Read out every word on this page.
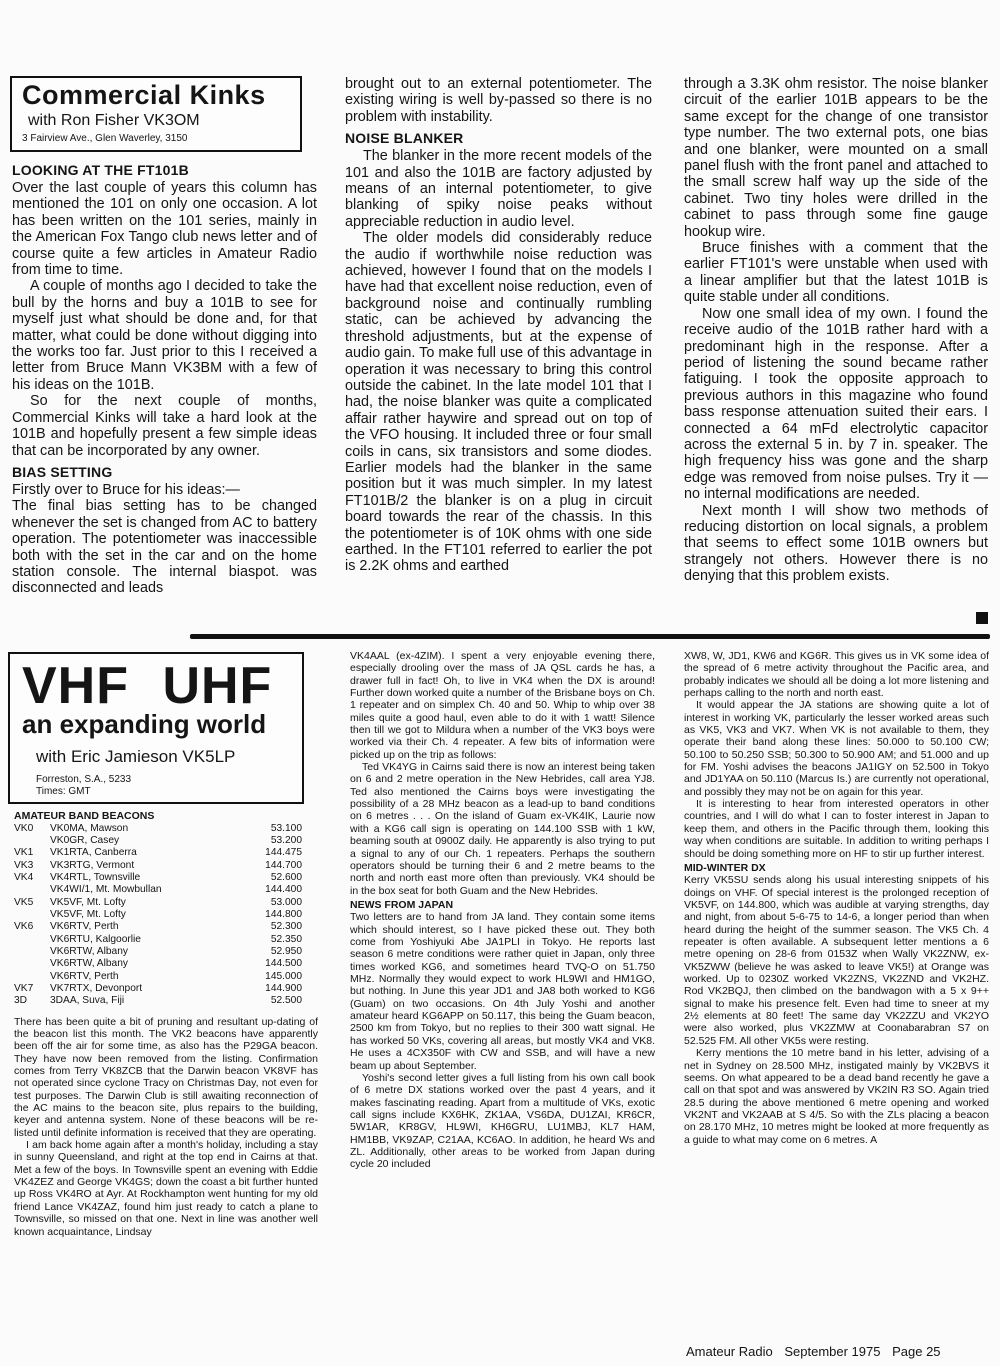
Commercial Kinks
with Ron Fisher VK3OM
3 Fairview Ave., Glen Waverley, 3150
LOOKING AT THE FT101B

Over the last couple of years this column has mentioned the 101 on only one occasion. A lot has been written on the 101 series, mainly in the American Fox Tango club news letter and of course quite a few articles in Amateur Radio from time to time.

A couple of months ago I decided to take the bull by the horns and buy a 101B to see for myself just what should be done and, for that matter, what could be done without digging into the works too far. Just prior to this I received a letter from Bruce Mann VK3BM with a few of his ideas on the 101B.

So for the next couple of months, Commercial Kinks will take a hard look at the 101B and hopefully present a few simple ideas that can be incorporated by any owner.

BIAS SETTING

Firstly over to Bruce for his ideas:—

The final bias setting has to be changed whenever the set is changed from AC to battery operation. The potentiometer was inaccessible both with the set in the car and on the home station console. The internal biaspot. was disconnected and leads

brought out to an external potentiometer. The existing wiring is well by-passed so there is no problem with instability.

NOISE BLANKER

The blanker in the more recent models of the 101 and also the 101B are factory adjusted by means of an internal potentiometer, to give blanking of spiky noise peaks without appreciable reduction in audio level.

The older models did considerably reduce the audio if worthwhile noise reduction was achieved, however I found that on the models I have had that excellent noise reduction, even of background noise and continually rumbling static, can be achieved by advancing the threshold adjustments, but at the expense of audio gain. To make full use of this advantage in operation it was necessary to bring this control outside the cabinet. In the late model 101 that I had, the noise blanker was quite a complicated affair rather haywire and spread out on top of the VFO housing. It included three or four small coils in cans, six transistors and some diodes. Earlier models had the blanker in the same position but it was much simpler. In my latest FT101B/2 the blanker is on a plug in circuit board towards the rear of the chassis. In this the potentiometer is of 10K ohms with one side earthed. In the FT101 referred to earlier the pot is 2.2K ohms and earthed

through a 3.3K ohm resistor. The noise blanker circuit of the earlier 101B appears to be the same except for the change of one transistor type number. The two external pots, one bias and one blanker, were mounted on a small panel flush with the front panel and attached to the small screw half way up the side of the cabinet. Two tiny holes were drilled in the cabinet to pass through some fine gauge hookup wire.

Bruce finishes with a comment that the earlier FT101's were unstable when used with a linear amplifier but that the latest 101B is quite stable under all conditions.

Now one small idea of my own. I found the receive audio of the 101B rather hard with a predominant high in the response. After a period of listening the sound became rather fatiguing. I took the opposite approach to previous authors in this magazine who found bass response attenuation suited their ears. I connected a 64 mFd electrolytic capacitor across the external 5 in. by 7 in. speaker. The high frequency hiss was gone and the sharp edge was removed from noise pulses. Try it — no internal modifications are needed.

Next month I will show two methods of reducing distortion on local signals, a problem that seems to effect some 101B owners but strangely not others. However there is no denying that this problem exists.

VHF UHF
an expanding world
with Eric Jamieson VK5LP
Forreston, S.A., 5233
Times: GMT
AMATEUR BAND BEACONS
VK0	VK0MA, Mawson	53.100
	VK0GR, Casey	53.200
VK1	VK1RTA, Canberra	144.475
VK3	VK3RTG, Vermont	144.700
VK4	VK4RTL, Townsville	52.600
	VK4WI/1, Mt. Mowbullan	144.400
VK5	VK5VF, Mt. Lofty	53.000
	VK5VF, Mt. Lofty	144.800
VK6	VK6RTV, Perth	52.300
	VK6RTU, Kalgoorlie	52.350
	VK6RTW, Albany	52.950
	VK6RTW, Albany	144.500
	VK6RTV, Perth	145.000
VK7	VK7RTX, Devonport	144.900
3D	3DAA, Suva, Fiji	52.500

There has been quite a bit of pruning and resultant up-dating of the beacon list this month. The VK2 beacons have apparently been off the air for some time, as also has the P29GA beacon. They have now been removed from the listing. Confirmation comes from Terry VK8ZCB that the Darwin beacon VK8VF has not operated since cyclone Tracy on Christmas Day, not even for test purposes. The Darwin Club is still awaiting reconnection of the AC mains to the beacon site, plus repairs to the building, keyer and antenna system. None of these beacons will be re-listed until definite information is received that they are operating.

I am back home again after a month's holiday, including a stay in sunny Queensland, and right at the top end in Cairns at that. Met a few of the boys. In Townsville spent an evening with Eddie VK4ZEZ and George VK4GS; down the coast a bit further hunted up Ross VK4RO at Ayr. At Rockhampton went hunting for my old friend Lance VK4ZAZ, found him just ready to catch a plane to Townsville, so missed on that one. Next in line was another well known acquaintance, Lindsay

VK4AAL (ex-4ZIM). I spent a very enjoyable evening there, especially drooling over the mass of JA QSL cards he has, a drawer full in fact! Oh, to live in VK4 when the DX is around! Further down worked quite a number of the Brisbane boys on Ch. 1 repeater and on simplex Ch. 40 and 50. Whip to whip over 38 miles quite a good haul, even able to do it with 1 watt! Silence then till we got to Mildura when a number of the VK3 boys were worked via their Ch. 4 repeater. A few bits of information were picked up on the trip as follows:

Ted VK4YG in Cairns said there is now an interest being taken on 6 and 2 metre operation in the New Hebrides, call area YJ8. Ted also mentioned the Cairns boys were investigating the possibility of a 28 MHz beacon as a lead-up to band conditions on 6 metres . . . On the island of Guam ex-VK4IK, Laurie now with a KG6 call sign is operating on 144.100 SSB with 1 kW, beaming south at 0900Z daily. He apparently is also trying to put a signal to any of our Ch. 1 repeaters. Perhaps the southern operators should be turning their 6 and 2 metre beams to the north and north east more often than previously. VK4 should be in the box seat for both Guam and the New Hebrides.

NEWS FROM JAPAN

Two letters are to hand from JA land. They contain some items which should interest, so I have picked these out. They both come from Yoshiyuki Abe JA1PLI in Tokyo. He reports last season 6 metre conditions were rather quiet in Japan, only three times worked KG6, and sometimes heard TVQ-O on 51.750 MHz. Normally they would expect to work HL9WI and HM1GO, but nothing. In June this year JD1 and JA8 both worked to KG6 (Guam) on two occasions. On 4th July Yoshi and another amateur heard KG6APP on 50.117, this being the Guam beacon, 2500 km from Tokyo, but no replies to their 300 watt signal. He has worked 50 VKs, covering all areas, but mostly VK4 and VK8. He uses a 4CX350F with CW and SSB, and will have a new beam up about September.

Yoshi's second letter gives a full listing from his own call book of 6 metre DX stations worked over the past 4 years, and it makes fascinating reading. Apart from a multitude of VKs, exotic call signs include KX6HK, ZK1AA, VS6DA, DU1ZAI, KR6CR, 5W1AR, KR8GV, HL9WI, KH6GRU, LU1MBJ, KL7 HAM, HM1BB, VK9ZAP, C21AA, KC6AO. In addition, he heard Ws and ZL. Additionally, other areas to be worked from Japan during cycle 20 included

XW8, W, JD1, KW6 and KG6R. This gives us in VK some idea of the spread of 6 metre activity throughout the Pacific area, and probably indicates we should all be doing a lot more listening and perhaps calling to the north and north east.

It would appear the JA stations are showing quite a lot of interest in working VK, particularly the lesser worked areas such as VK5, VK3 and VK7. When VK is not available to them, they operate their band along these lines: 50.000 to 50.100 CW; 50.100 to 50.250 SSB; 50.300 to 50.900 AM; and 51.000 and up for FM. Yoshi advises the beacons JA1IGY on 52.500 in Tokyo and JD1YAA on 50.110 (Marcus Is.) are currently not operational, and possibly they may not be on again for this year.

It is interesting to hear from interested operators in other countries, and I will do what I can to foster interest in Japan to keep them, and others in the Pacific through them, looking this way when conditions are suitable. In addition to writing perhaps I should be doing something more on HF to stir up further interest.

MID-WINTER DX

Kerry VK5SU sends along his usual interesting snippets of his doings on VHF. Of special interest is the prolonged reception of VK5VF, on 144.800, which was audible at varying strengths, day and night, from about 5-6-75 to 14-6, a longer period than when heard during the height of the summer season. The VK5 Ch. 4 repeater is often available. A subsequent letter mentions a 6 metre opening on 28-6 from 0153Z when Wally VK2ZNW, ex-VK5ZWW (believe he was asked to leave VK5!) at Orange was worked. Up to 0230Z worked VK2ZNS, VK2ZND and VK2HZ. Rod VK2BQJ, then climbed on the bandwagon with a 5 x 9++ signal to make his presence felt. Even had time to sneer at my 2½ elements at 80 feet! The same day VK2ZZU and VK2YO were also worked, plus VK2ZMW at Coonabarabran S7 on 52.525 FM. All other VK5s were resting.

Kerry mentions the 10 metre band in his letter, advising of a net in Sydney on 28.500 MHz, instigated mainly by VK2BVS it seems. On what appeared to be a dead band recently he gave a call on that spot and was answered by VK2IN R3 SO. Again tried 28.5 during the above mentioned 6 metre opening and worked VK2NT and VK2AAB at S 4/5. So with the ZLs placing a beacon on 28.170 MHz, 10 metres might be looked at more frequently as a guide to what may come on 6 metres. A

Amateur Radio September 1975 Page 25
